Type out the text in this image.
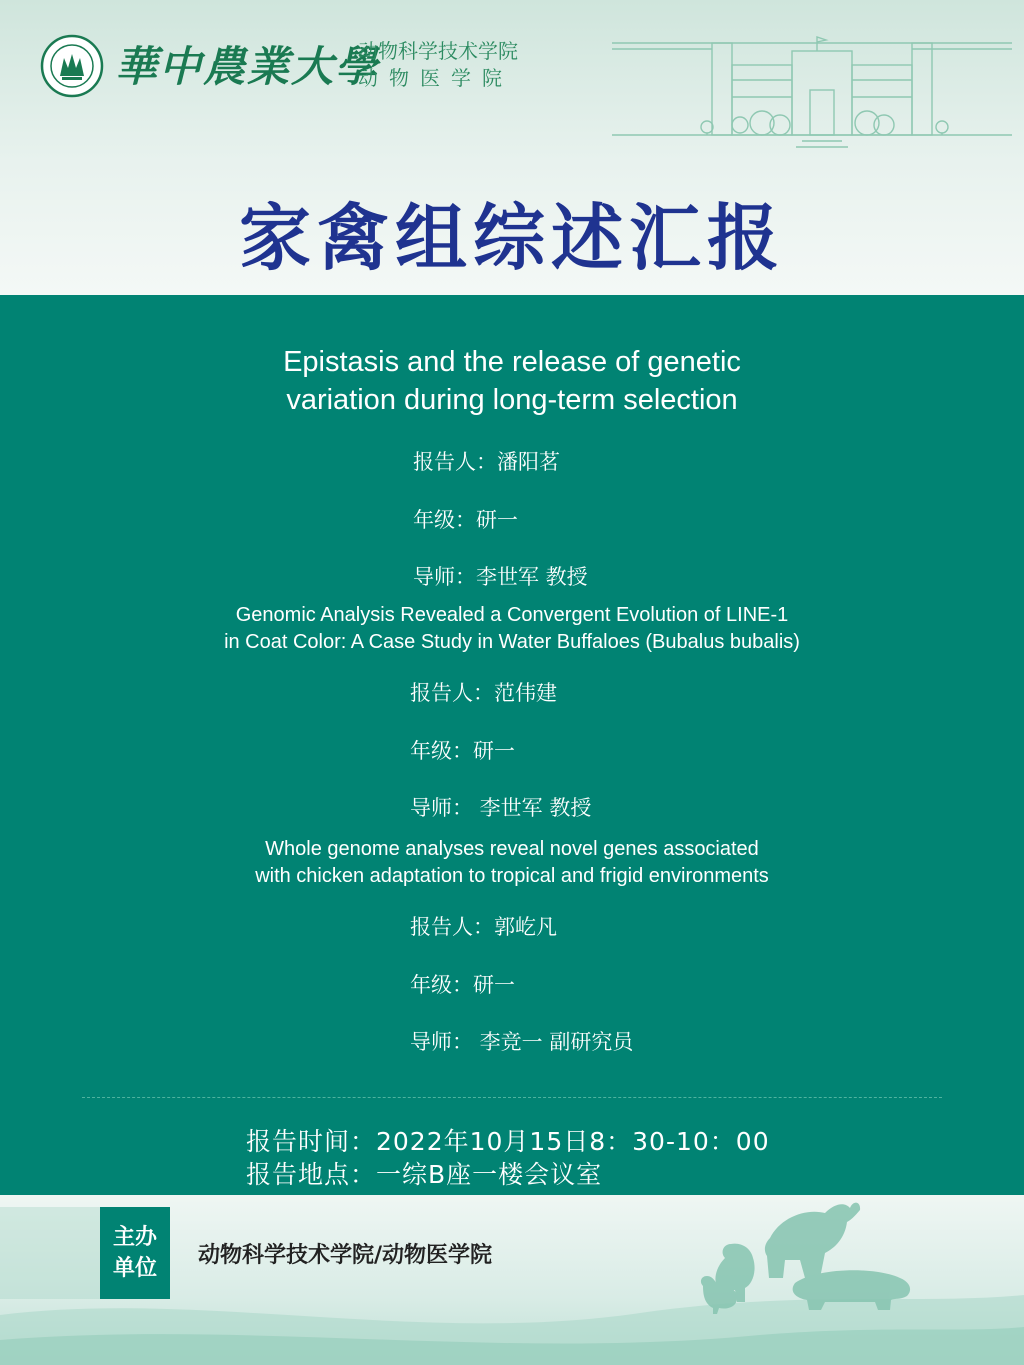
華中農業大學
动物科学技术学院
动物医学院
家禽组综述汇报
Epistasis and the release of genetic
variation during long-term selection
报告人：潘阳茗
年级：研一
导师：李世军 教授
Genomic Analysis Revealed a Convergent Evolution of LINE-1
in Coat Color: A Case Study in Water Buffaloes (Bubalus bubalis)
报告人：范伟建
年级：研一
导师： 李世军 教授
Whole genome analyses reveal novel genes associated
with chicken adaptation to tropical and frigid environments
报告人：郭屹凡
年级：研一
导师： 李竞一 副研究员
报告时间：2022年10月15日8：30-10：00
报告地点：一综B座一楼会议室
主办
单位
动物科学技术学院/动物医学院
